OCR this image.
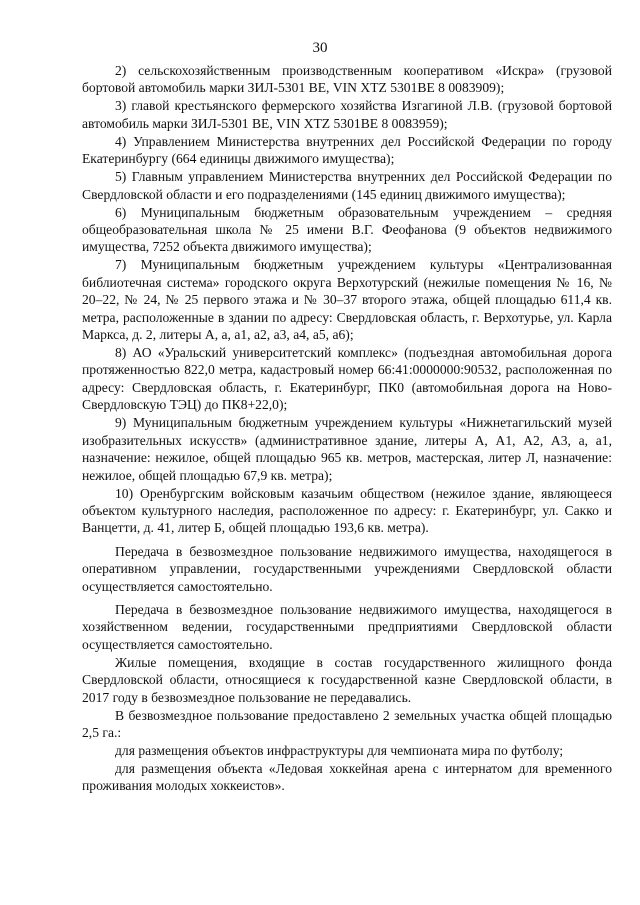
30

2) сельскохозяйственным производственным кооперативом «Искра» (грузовой бортовой автомобиль марки ЗИЛ-5301 ВЕ, VIN XTZ 5301ВЕ 8 0083909);

3) главой крестьянского фермерского хозяйства Изгагиной Л.В. (грузовой бортовой автомобиль марки ЗИЛ-5301 ВЕ, VIN XTZ 5301ВЕ 8 0083959);

4) Управлением Министерства внутренних дел Российской Федерации по городу Екатеринбургу (664 единицы движимого имущества);

5) Главным управлением Министерства внутренних дел Российской Федерации по Свердловской области и его подразделениями (145 единиц движимого имущества);

6) Муниципальным бюджетным образовательным учреждением – средняя общеобразовательная школа № 25 имени В.Г. Феофанова (9 объектов недвижимого имущества, 7252 объекта движимого имущества);

7) Муниципальным бюджетным учреждением культуры «Централизованная библиотечная система» городского округа Верхотурский (нежилые помещения № 16, № 20–22, № 24, № 25 первого этажа и № 30–37 второго этажа, общей площадью 611,4 кв. метра, расположенные в здании по адресу: Свердловская область, г. Верхотурье, ул. Карла Маркса, д. 2, литеры А, а, а1, а2, а3, а4, а5, а6);

8) АО «Уральский университетский комплекс» (подъездная автомобильная дорога протяженностью 822,0 метра, кадастровый номер 66:41:0000000:90532, расположенная по адресу: Свердловская область, г. Екатеринбург, ПК0 (автомобильная дорога на Ново-Свердловскую ТЭЦ) до ПК8+22,0);

9) Муниципальным бюджетным учреждением культуры «Нижнетагильский музей изобразительных искусств» (административное здание, литеры А, А1, А2, А3, а, а1, назначение: нежилое, общей площадью 965 кв. метров, мастерская, литер Л, назначение: нежилое, общей площадью 67,9 кв. метра);

10) Оренбургским войсковым казачьим обществом (нежилое здание, являющееся объектом культурного наследия, расположенное по адресу: г. Екатеринбург, ул. Сакко и Ванцетти, д. 41, литер Б, общей площадью 193,6 кв. метра).

Передача в безвозмездное пользование недвижимого имущества, находящегося в оперативном управлении, государственными учреждениями Свердловской области осуществляется самостоятельно.

Передача в безвозмездное пользование недвижимого имущества, находящегося в хозяйственном ведении, государственными предприятиями Свердловской области осуществляется самостоятельно.

Жилые помещения, входящие в состав государственного жилищного фонда Свердловской области, относящиеся к государственной казне Свердловской области, в 2017 году в безвозмездное пользование не передавались.

В безвозмездное пользование предоставлено 2 земельных участка общей площадью 2,5 га.:

для размещения объектов инфраструктуры для чемпионата мира по футболу;

для размещения объекта «Ледовая хоккейная арена с интернатом для временного проживания молодых хоккеистов».
